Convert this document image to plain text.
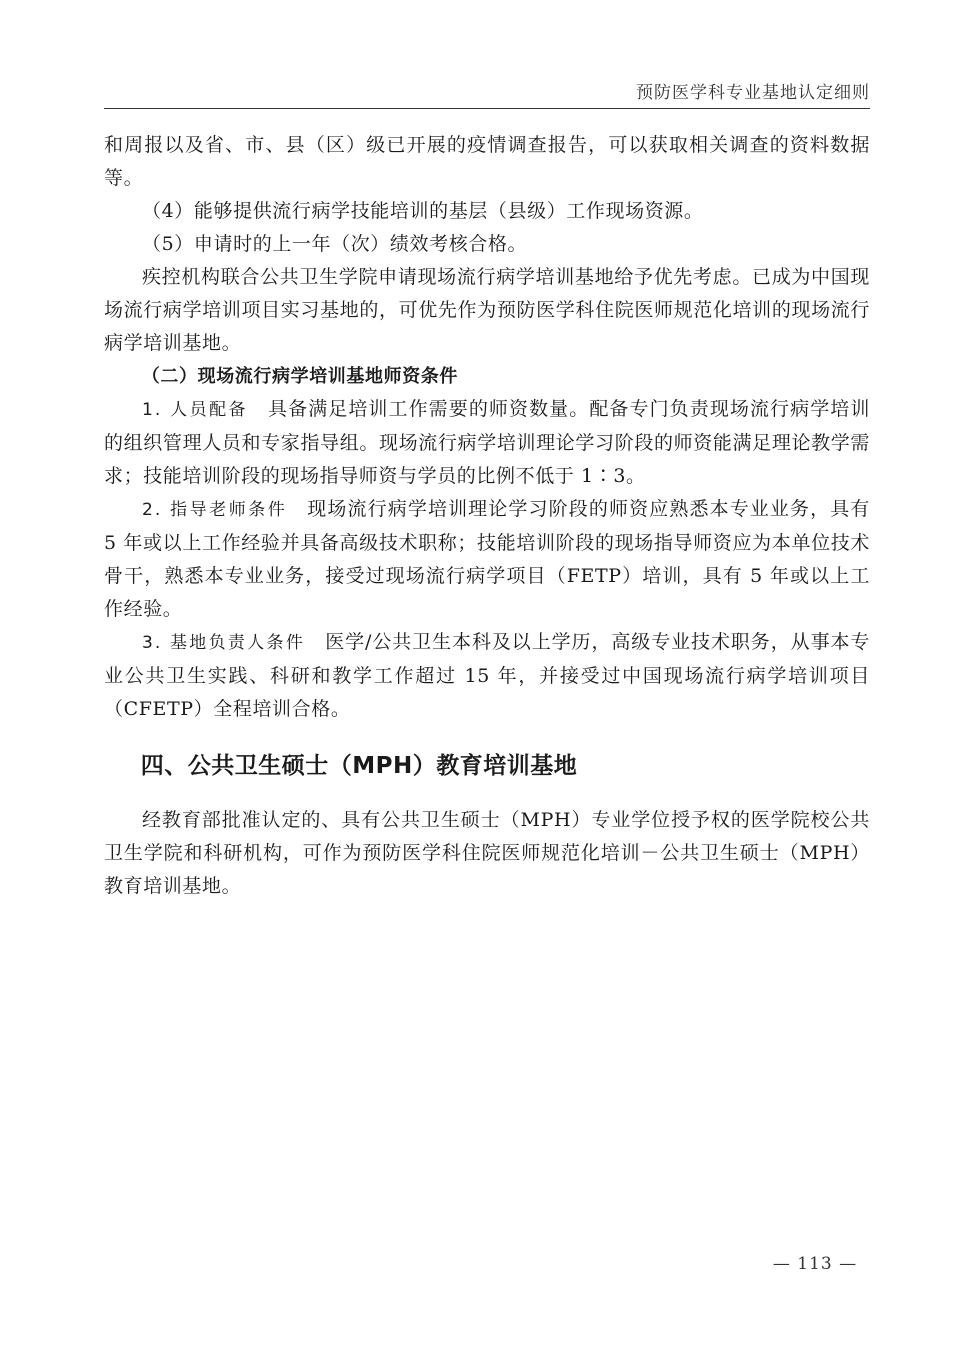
预防医学科专业基地认定细则

和周报以及省、市、县（区）级已开展的疫情调查报告，可以获取相关调查的资料数据等。

（4）能够提供流行病学技能培训的基层（县级）工作现场资源。

（5）申请时的上一年（次）绩效考核合格。

疾控机构联合公共卫生学院申请现场流行病学培训基地给予优先考虑。已成为中国现场流行病学培训项目实习基地的，可优先作为预防医学科住院医师规范化培训的现场流行病学培训基地。

（二）现场流行病学培训基地师资条件

1. 人员配备 具备满足培训工作需要的师资数量。配备专门负责现场流行病学培训的组织管理人员和专家指导组。现场流行病学培训理论学习阶段的师资能满足理论教学需求；技能培训阶段的现场指导师资与学员的比例不低于 1∶3。

2. 指导老师条件 现场流行病学培训理论学习阶段的师资应熟悉本专业业务，具有 5 年或以上工作经验并具备高级技术职称；技能培训阶段的现场指导师资应为本单位技术骨干，熟悉本专业业务，接受过现场流行病学项目（FETP）培训，具有 5 年或以上工作经验。

3. 基地负责人条件 医学/公共卫生本科及以上学历，高级专业技术职务，从事本专业公共卫生实践、科研和教学工作超过 15 年，并接受过中国现场流行病学培训项目（CFETP）全程培训合格。

四、公共卫生硕士（MPH）教育培训基地

经教育部批准认定的、具有公共卫生硕士（MPH）专业学位授予权的医学院校公共卫生学院和科研机构，可作为预防医学科住院医师规范化培训－公共卫生硕士（MPH）教育培训基地。

— 113 —
